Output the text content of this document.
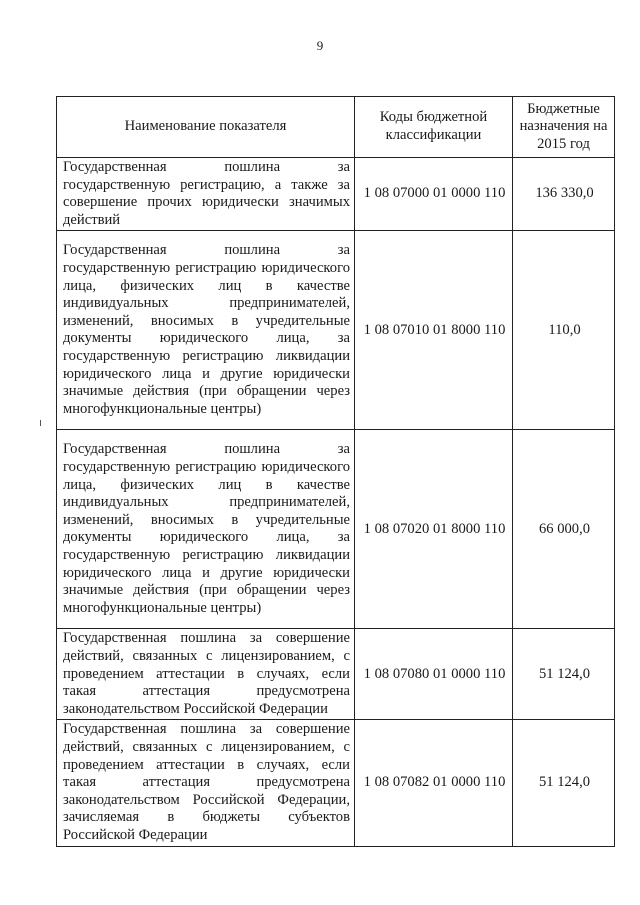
9
Наименование показателя	Коды бюджетной классификации	Бюджетные назначения на 2015 год
Государственная пошлина за государственную регистрацию, а также за совершение прочих юридически значимых действий	1 08 07000 01 0000 110	136 330,0
Государственная пошлина за государственную регистрацию юридического лица, физических лиц в качестве индивидуальных предпринимателей, изменений, вносимых в учредительные документы юридического лица, за государственную регистрацию ликвидации юридического лица и другие юридически значимые действия (при обращении через многофункциональные центры)	1 08 07010 01 8000 110	110,0
Государственная пошлина за государственную регистрацию юридического лица, физических лиц в качестве индивидуальных предпринимателей, изменений, вносимых в учредительные документы юридического лица, за государственную регистрацию ликвидации юридического лица и другие юридически значимые действия (при обращении через многофункциональные центры)	1 08 07020 01 8000 110	66 000,0
Государственная пошлина за совершение действий, связанных с лицензированием, с проведением аттестации в случаях, если такая аттестация предусмотрена законодательством Российской Федерации	1 08 07080 01 0000 110	51 124,0
Государственная пошлина за совершение действий, связанных с лицензированием, с проведением аттестации в случаях, если такая аттестация предусмотрена законодательством Российской Федерации, зачисляемая в бюджеты субъектов Российской Федерации	1 08 07082 01 0000 110	51 124,0
